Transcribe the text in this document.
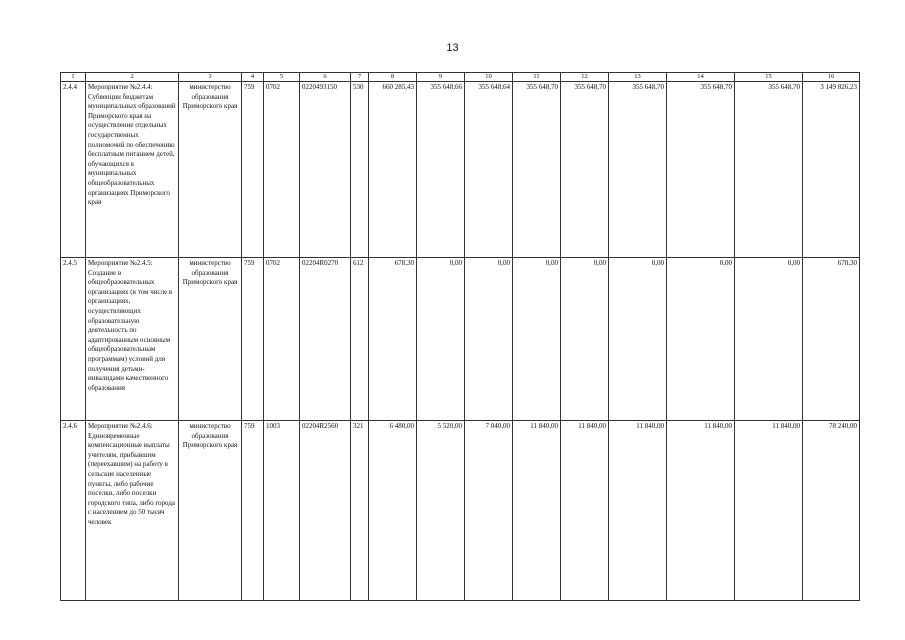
13
1	2	3	4	5	6	7	8	9	10	11	12	13	14	15	16
2.4.4	Мероприятие №2.4.4: Субвенции бюджетам муниципальных образований Приморского края на осуществление отдельных государственных полномочий по обеспечению бесплатным питанием детей, обучающихся в муниципальных общеобразовательных организациях Приморского края	министерство образования Приморского края	759	0702	0220493150	530	660 285,43	355 648,66	355 648,64	355 648,70	355 648,70	355 648,70	355 648,70	355 648,70	3 149 826,23
2.4.5	Мероприятие №2.4.5: Создание в общеобразовательных организациях (в том числе в организациях, осуществляющих образовательную деятельность по адаптированным основным общеобразовательным программам) условий для получения детьми-инвалидами качественного образования	министерство образования Приморского края	759	0702	02204R0270	612	678,30	0,00	0,00	0,00	0,00	0,00	0,00	0,00	678,30
2.4.6	Мероприятие №2.4.6: Единовременные компенсационные выплаты учителям, прибывшим (переехавшим) на работу в сельские населенные пункты, либо рабочие поселки, либо поселки городского типа, либо города с населением до 50 тысяч человек	министерство образования Приморского края	759	1003	02204R2560	321	6 480,00	5 520,00	7 040,00	11 840,00	11 840,00	11 840,00	11 840,00	11 840,00	78 240,00
